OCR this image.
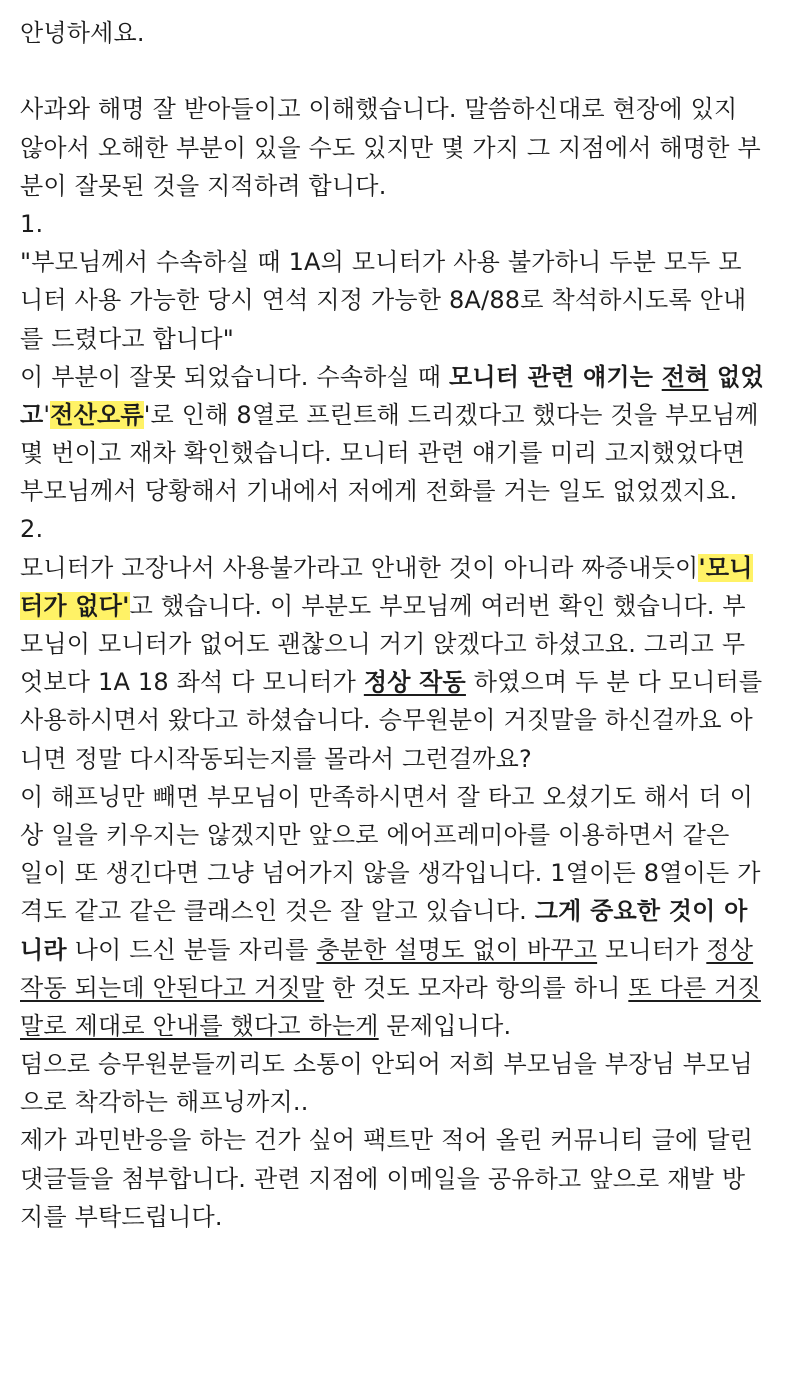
안녕하세요.
사과와 해명 잘 받아들이고 이해했습니다. 말씀하신대로 현장에 있지
않아서 오해한 부분이 있을 수도 있지만 몇 가지 그 지점에서 해명한 부
분이 잘못된 것을 지적하려 합니다.
1.
"부모님께서 수속하실 때 1A의 모니터가 사용 불가하니 두분 모두 모
니터 사용 가능한 당시 연석 지정 가능한 8A/88로 착석하시도록 안내
를 드렸다고 합니다"
이 부분이 잘못 되었습니다. 수속하실 때 모니터 관련 얘기는 전혀 없었
고'전산오류'로 인해 8열로 프린트해 드리겠다고 했다는 것을 부모님께
몇 번이고 재차 확인했습니다. 모니터 관련 얘기를 미리 고지했었다면
부모님께서 당황해서 기내에서 저에게 전화를 거는 일도 없었겠지요.
2.
모니터가 고장나서 사용불가라고 안내한 것이 아니라 짜증내듯이'모니
터가 없다'고 했습니다. 이 부분도 부모님께 여러번 확인 했습니다. 부
모님이 모니터가 없어도 괜찮으니 거기 앉겠다고 하셨고요. 그리고 무
엇보다 1A 18 좌석 다 모니터가 정상 작동 하였으며 두 분 다 모니터를
사용하시면서 왔다고 하셨습니다. 승무원분이 거짓말을 하신걸까요 아
니면 정말 다시작동되는지를 몰라서 그런걸까요?
이 해프닝만 빼면 부모님이 만족하시면서 잘 타고 오셨기도 해서 더 이
상 일을 키우지는 않겠지만 앞으로 에어프레미아를 이용하면서 같은
일이 또 생긴다면 그냥 넘어가지 않을 생각입니다. 1열이든 8열이든 가
격도 같고 같은 클래스인 것은 잘 알고 있습니다. 그게 중요한 것이 아
니라 나이 드신 분들 자리를 충분한 설명도 없이 바꾸고 모니터가 정상
작동 되는데 안된다고 거짓말 한 것도 모자라 항의를 하니 또 다른 거짓
말로 제대로 안내를 했다고 하는게 문제입니다.
덤으로 승무원분들끼리도 소통이 안되어 저희 부모님을 부장님 부모님
으로 착각하는 해프닝까지..
제가 과민반응을 하는 건가 싶어 팩트만 적어 올린 커뮤니티 글에 달린
댓글들을 첨부합니다. 관련 지점에 이메일을 공유하고 앞으로 재발 방
지를 부탁드립니다.
